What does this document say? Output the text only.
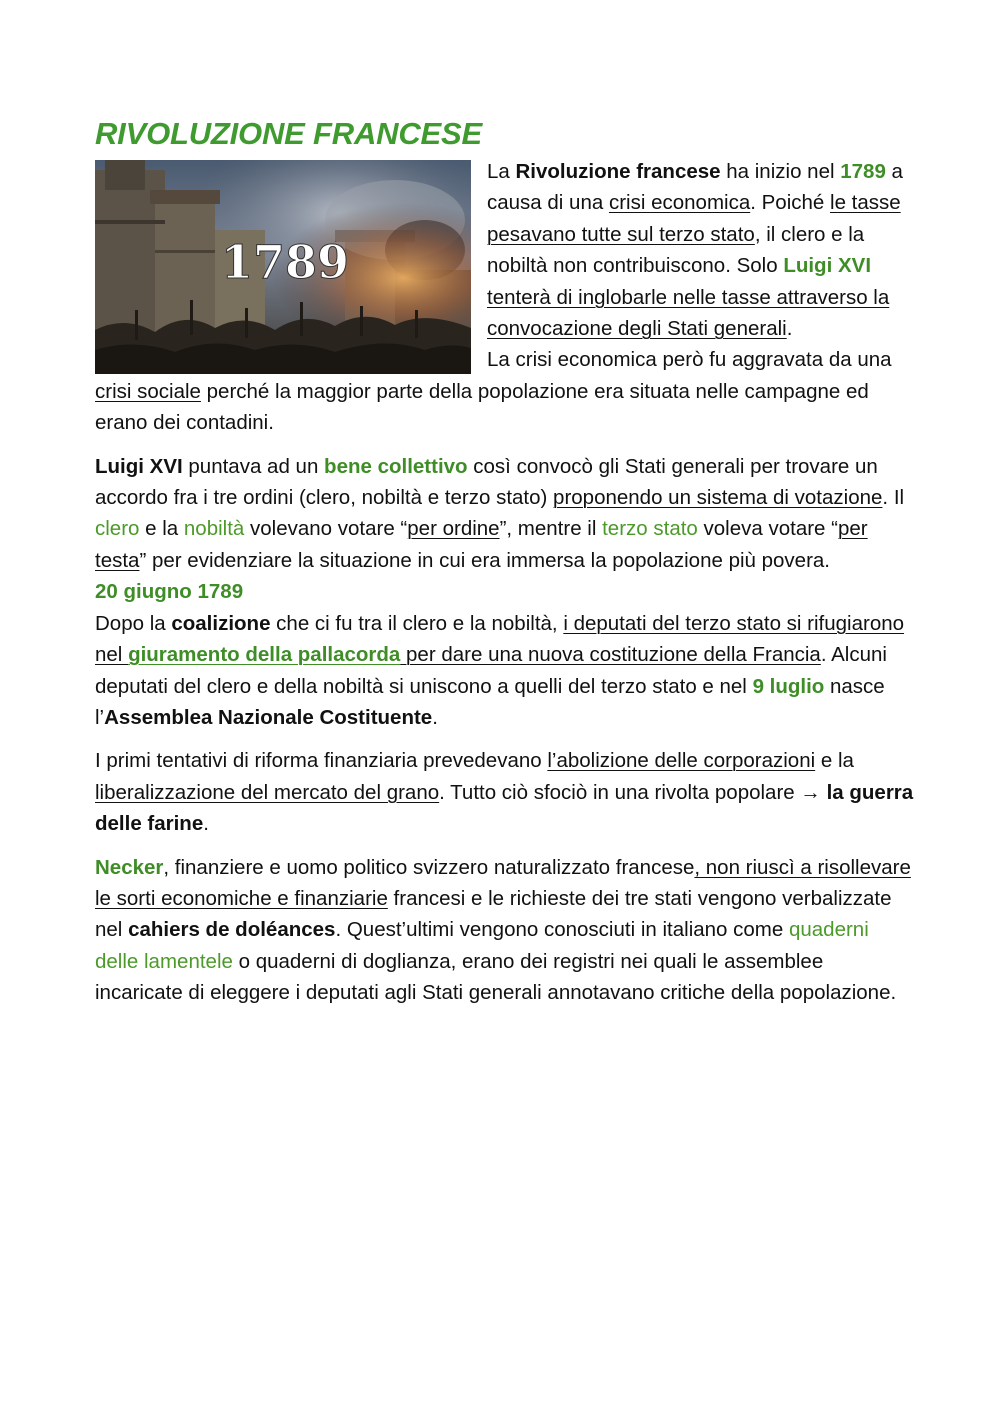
RIVOLUZIONE FRANCESE
1789

La Rivoluzione francese ha inizio nel 1789 a causa di una crisi economica. Poiché le tasse pesavano tutte sul terzo stato, il clero e la nobiltà non contribuiscono. Solo Luigi XVI tenterà di inglobarle nelle tasse attraverso la convocazione degli Stati generali.
La crisi economica però fu aggravata da una crisi sociale perché la maggior parte della popolazione era situata nelle campagne ed erano dei contadini.

Luigi XVI puntava ad un bene collettivo così convocò gli Stati generali per trovare un accordo fra i tre ordini (clero, nobiltà e terzo stato) proponendo un sistema di votazione. Il clero e la nobiltà volevano votare “per ordine”, mentre il terzo stato voleva votare “per testa” per evidenziare la situazione in cui era immersa la popolazione più povera.

20 giugno 1789

Dopo la coalizione che ci fu tra il clero e la nobiltà, i deputati del terzo stato si rifugiarono nel giuramento della pallacorda per dare una nuova costituzione della Francia. Alcuni deputati del clero e della nobiltà si uniscono a quelli del terzo stato e nel 9 luglio nasce l’Assemblea Nazionale Costituente.

I primi tentativi di riforma finanziaria prevedevano l’abolizione delle corporazioni e la liberalizzazione del mercato del grano. Tutto ciò sfociò in una rivolta popolare → la guerra delle farine.

Necker, finanziere e uomo politico svizzero naturalizzato francese, non riuscì a risollevare le sorti economiche e finanziarie francesi e le richieste dei tre stati vengono verbalizzate nel cahiers de doléances. Quest’ultimi vengono conosciuti in italiano come quaderni delle lamentele o quaderni di doglianza, erano dei registri nei quali le assemblee incaricate di eleggere i deputati agli Stati generali annotavano critiche della popolazione.
